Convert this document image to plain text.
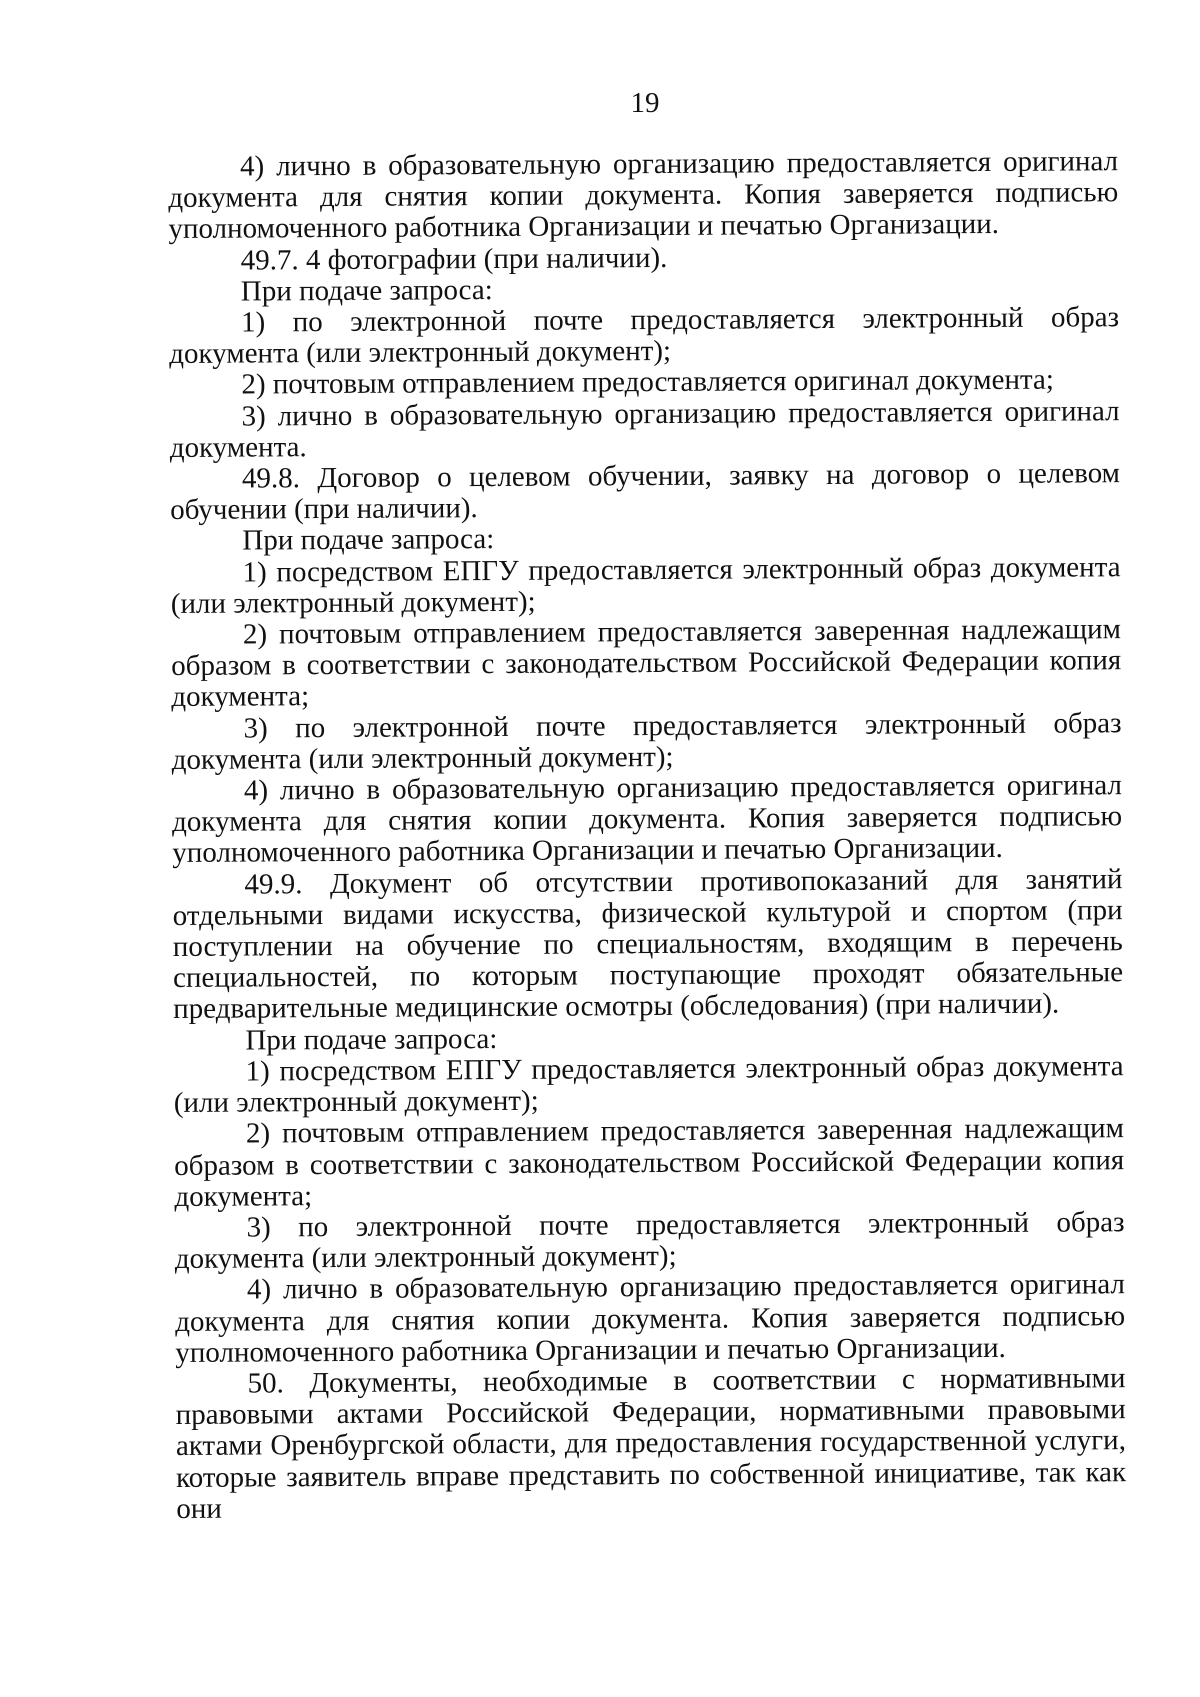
19

4) лично в образовательную организацию предоставляется оригинал документа для снятия копии документа. Копия заверяется подписью уполномоченного работника Организации и печатью Организации.

49.7. 4 фотографии (при наличии).

При подаче запроса:

1) по электронной почте предоставляется электронный образ документа (или электронный документ);

2) почтовым отправлением предоставляется оригинал документа;

3) лично в образовательную организацию предоставляется оригинал документа.

49.8. Договор о целевом обучении, заявку на договор о целевом обучении (при наличии).

При подаче запроса:

1) посредством ЕПГУ предоставляется электронный образ документа (или электронный документ);

2) почтовым отправлением предоставляется заверенная надлежащим образом в соответствии с законодательством Российской Федерации копия документа;

3) по электронной почте предоставляется электронный образ документа (или электронный документ);

4) лично в образовательную организацию предоставляется оригинал документа для снятия копии документа. Копия заверяется подписью уполномоченного работника Организации и печатью Организации.

49.9. Документ об отсутствии противопоказаний для занятий отдельными видами искусства, физической культурой и спортом (при поступлении на обучение по специальностям, входящим в перечень специальностей, по которым поступающие проходят обязательные предварительные медицинские осмотры (обследования) (при наличии).

При подаче запроса:

1) посредством ЕПГУ предоставляется электронный образ документа (или электронный документ);

2) почтовым отправлением предоставляется заверенная надлежащим образом в соответствии с законодательством Российской Федерации копия документа;

3) по электронной почте предоставляется электронный образ документа (или электронный документ);

4) лично в образовательную организацию предоставляется оригинал документа для снятия копии документа. Копия заверяется подписью уполномоченного работника Организации и печатью Организации.

50. Документы, необходимые в соответствии с нормативными правовыми актами Российской Федерации, нормативными правовыми актами Оренбургской области, для предоставления государственной услуги, которые заявитель вправе представить по собственной инициативе, так как они
